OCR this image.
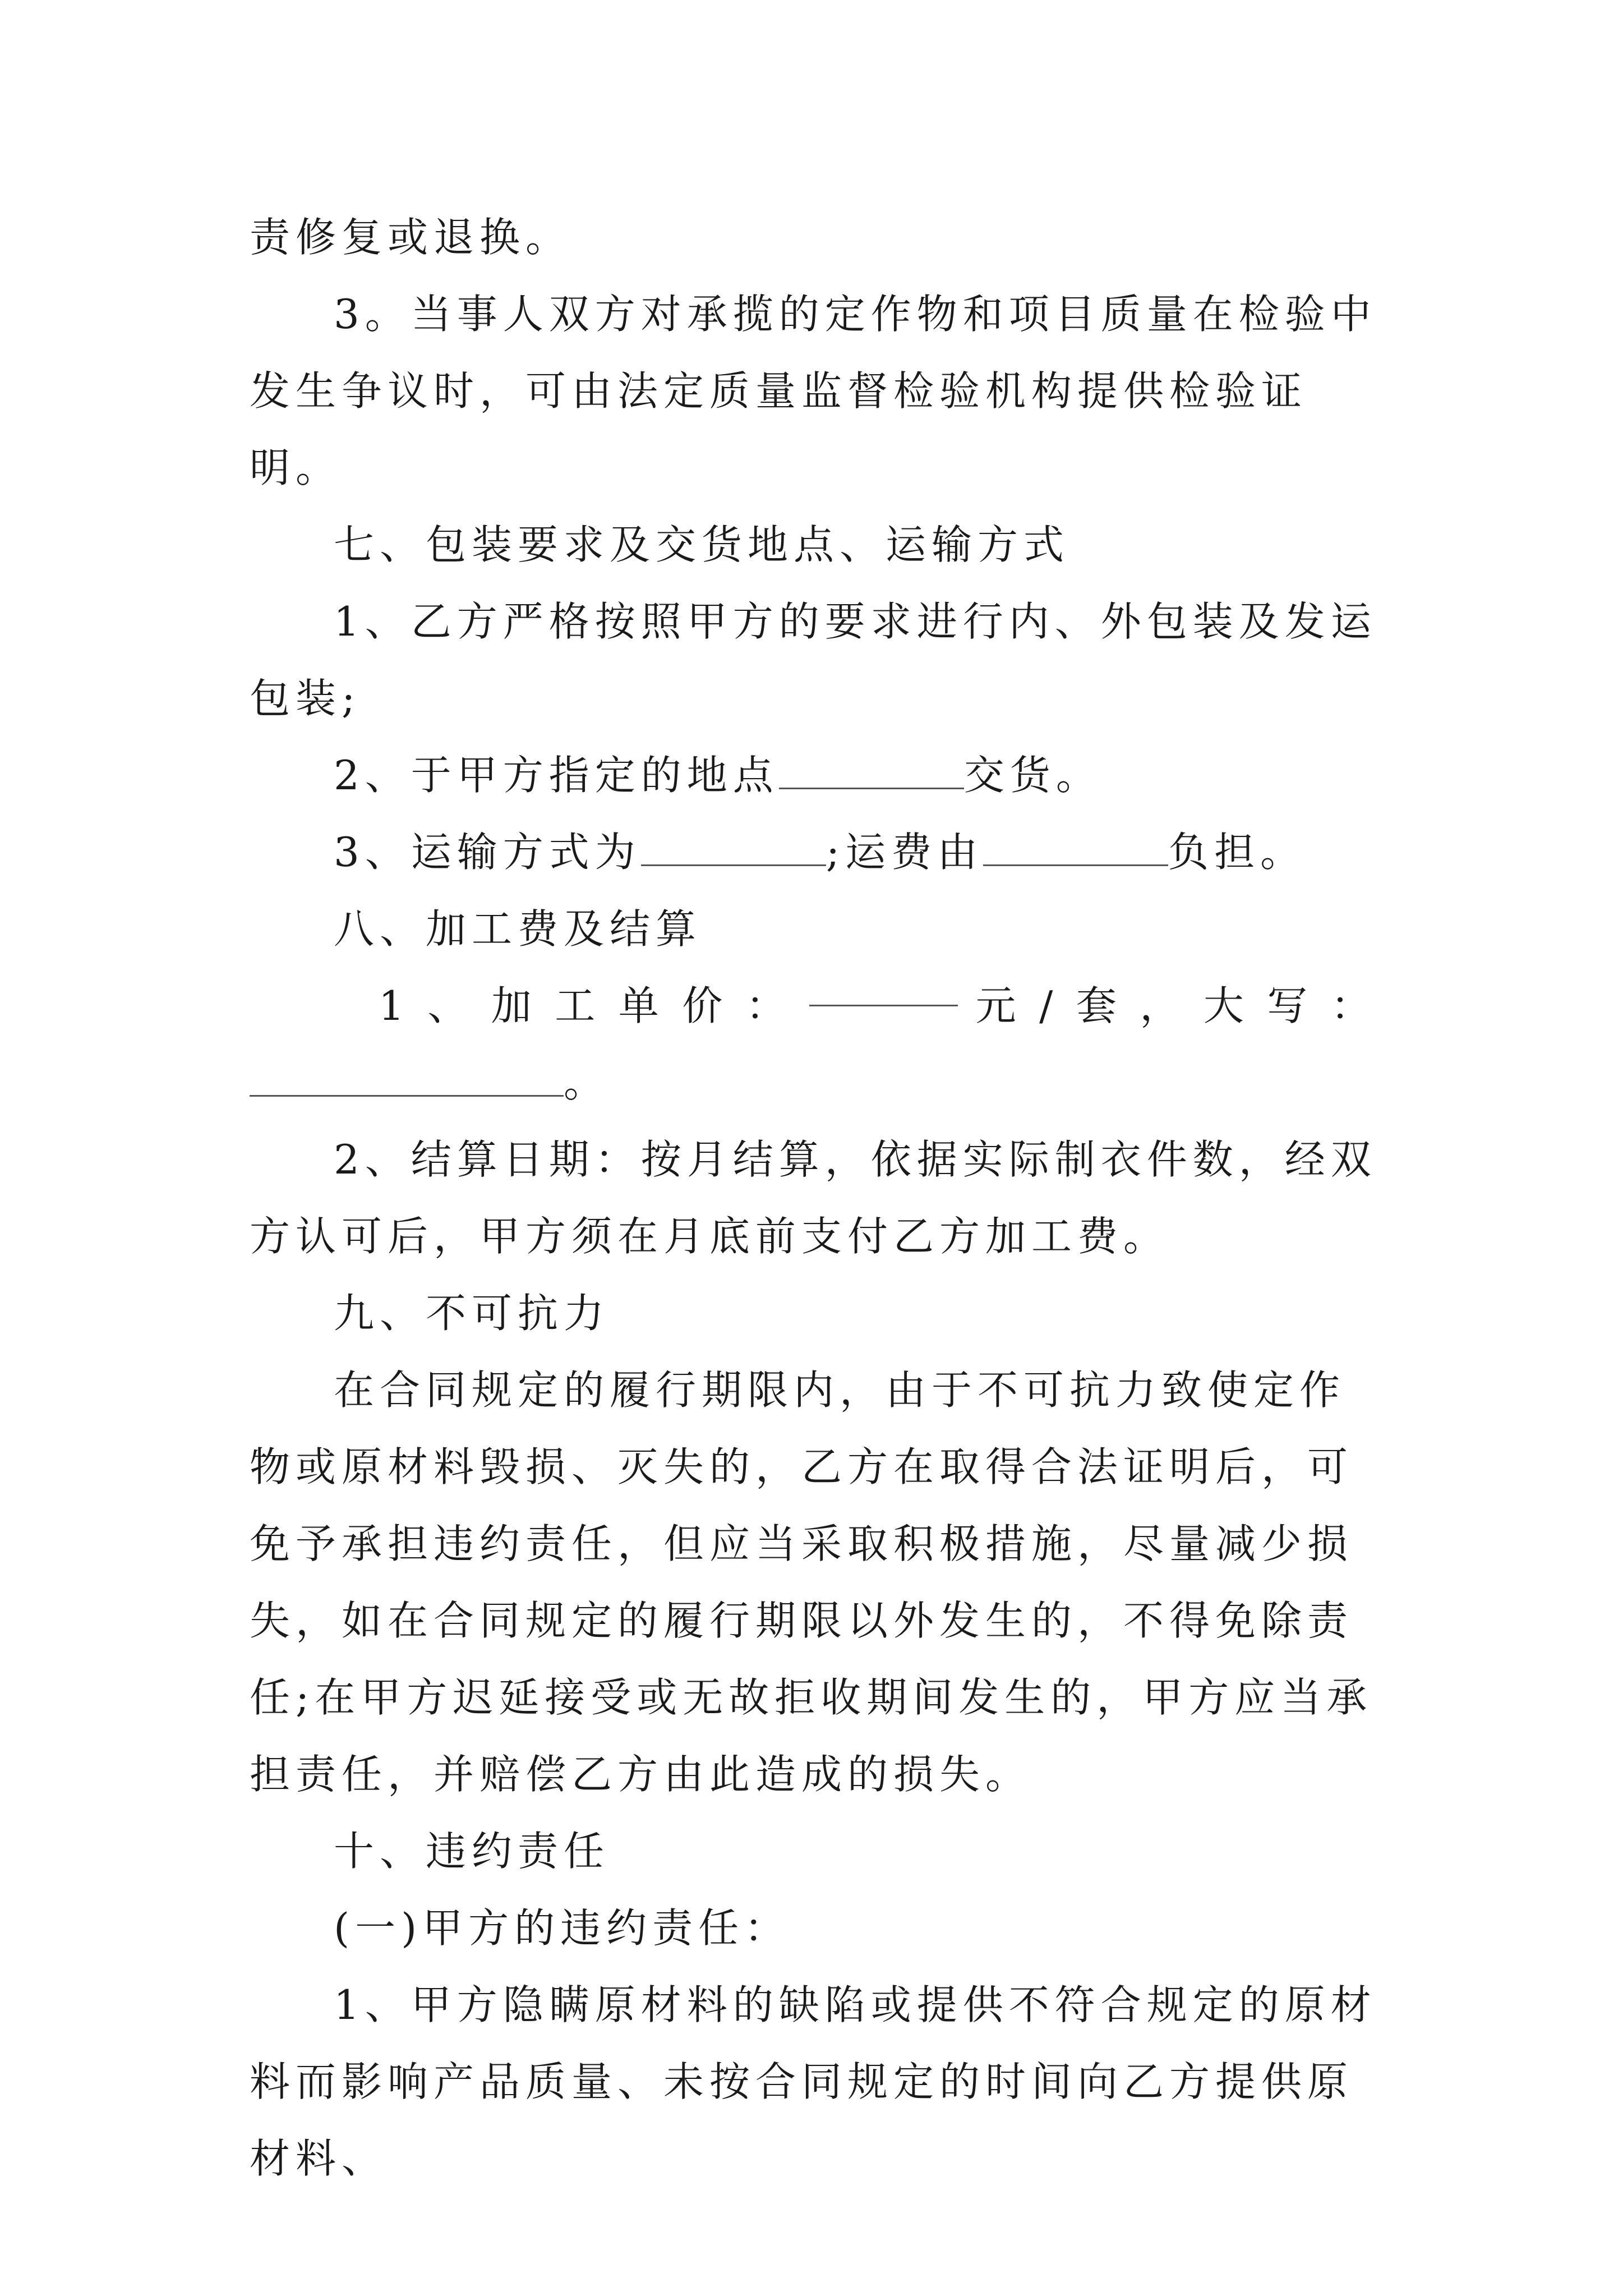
责修复或退换。

3。当事人双方对承揽的定作物和项目质量在检验中发生争议时，可由法定质量监督检验机构提供检验证明。

七、包装要求及交货地点、运输方式

1、乙方严格按照甲方的要求进行内、外包装及发运包装;

2、于甲方指定的地点	交货。

3、运输方式为	;运费由	负担。

八、加工费及结算

1 、 加 工 单 价 ：	元 / 套 ， 大 写 ：

。

2、结算日期：按月结算，依据实际制衣件数，经双方认可后，甲方须在月底前支付乙方加工费。

九、不可抗力

在合同规定的履行期限内，由于不可抗力致使定作物或原材料毁损、灭失的，乙方在取得合法证明后，可免予承担违约责任，但应当采取积极措施，尽量减少损失，如在合同规定的履行期限以外发生的，不得免除责任;在甲方迟延接受或无故拒收期间发生的，甲方应当承担责任，并赔偿乙方由此造成的损失。

十、违约责任

(一)甲方的违约责任：

1、甲方隐瞒原材料的缺陷或提供不符合规定的原材料而影响产品质量、未按合同规定的时间向乙方提供原材料、
